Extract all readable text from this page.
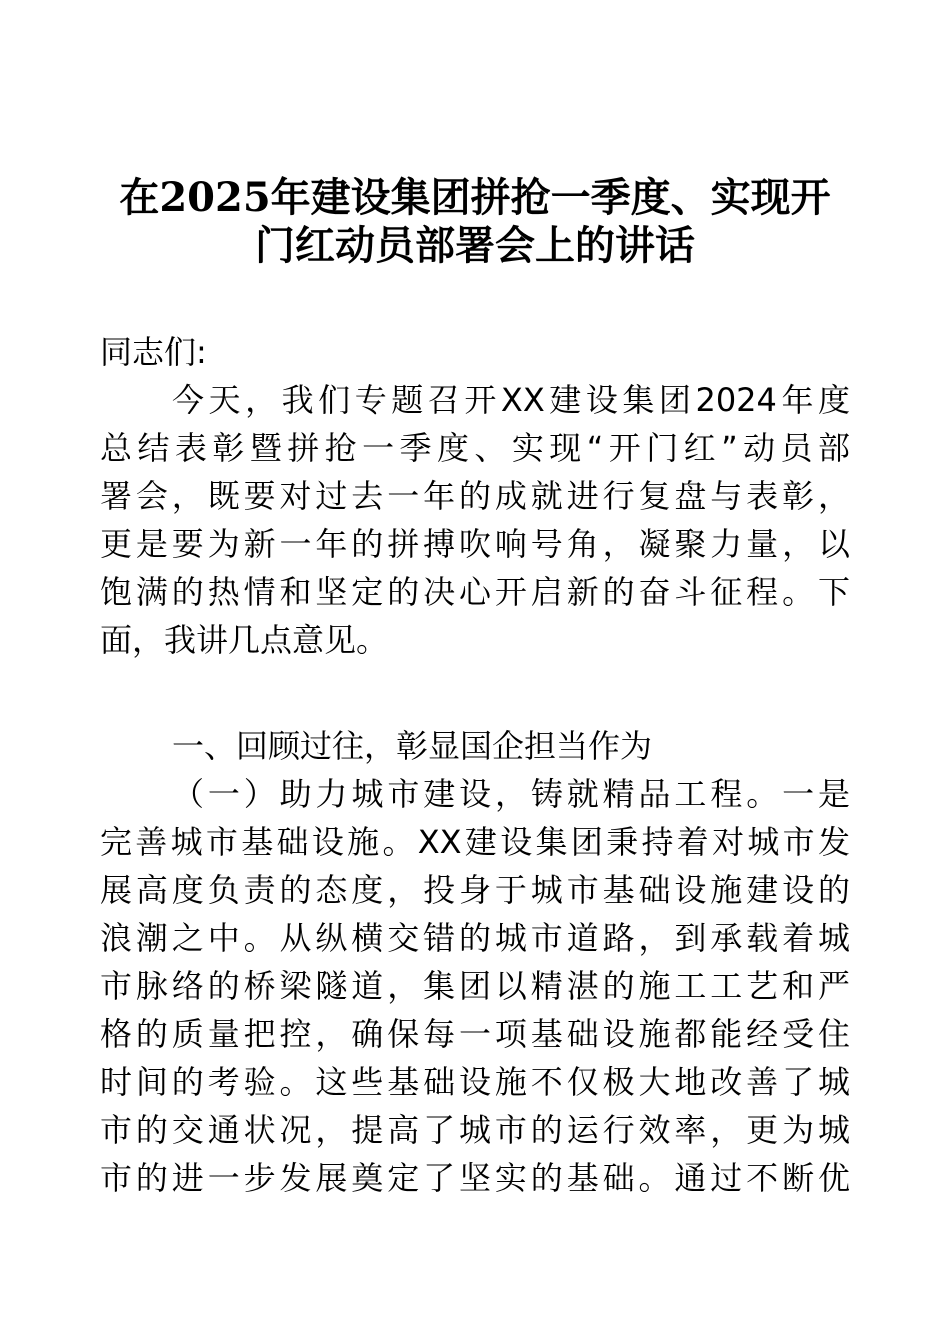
在2025年建设集团拼抢一季度、实现开
门红动员部署会上的讲话
同志们:
今天，我们专题召开XX建设集团2024年度
总结表彰暨拼抢一季度、实现“开门红”动员部
署会，既要对过去一年的成就进行复盘与表彰，
更是要为新一年的拼搏吹响号角，凝聚力量，以
饱满的热情和坚定的决心开启新的奋斗征程。下
面，我讲几点意见。
一、回顾过往，彰显国企担当作为
（一）助力城市建设，铸就精品工程。一是
完善城市基础设施。XX建设集团秉持着对城市发
展高度负责的态度，投身于城市基础设施建设的
浪潮之中。从纵横交错的城市道路，到承载着城
市脉络的桥梁隧道，集团以精湛的施工工艺和严
格的质量把控，确保每一项基础设施都能经受住
时间的考验。这些基础设施不仅极大地改善了城
市的交通状况，提高了城市的运行效率，更为城
市的进一步发展奠定了坚实的基础。通过不断优
